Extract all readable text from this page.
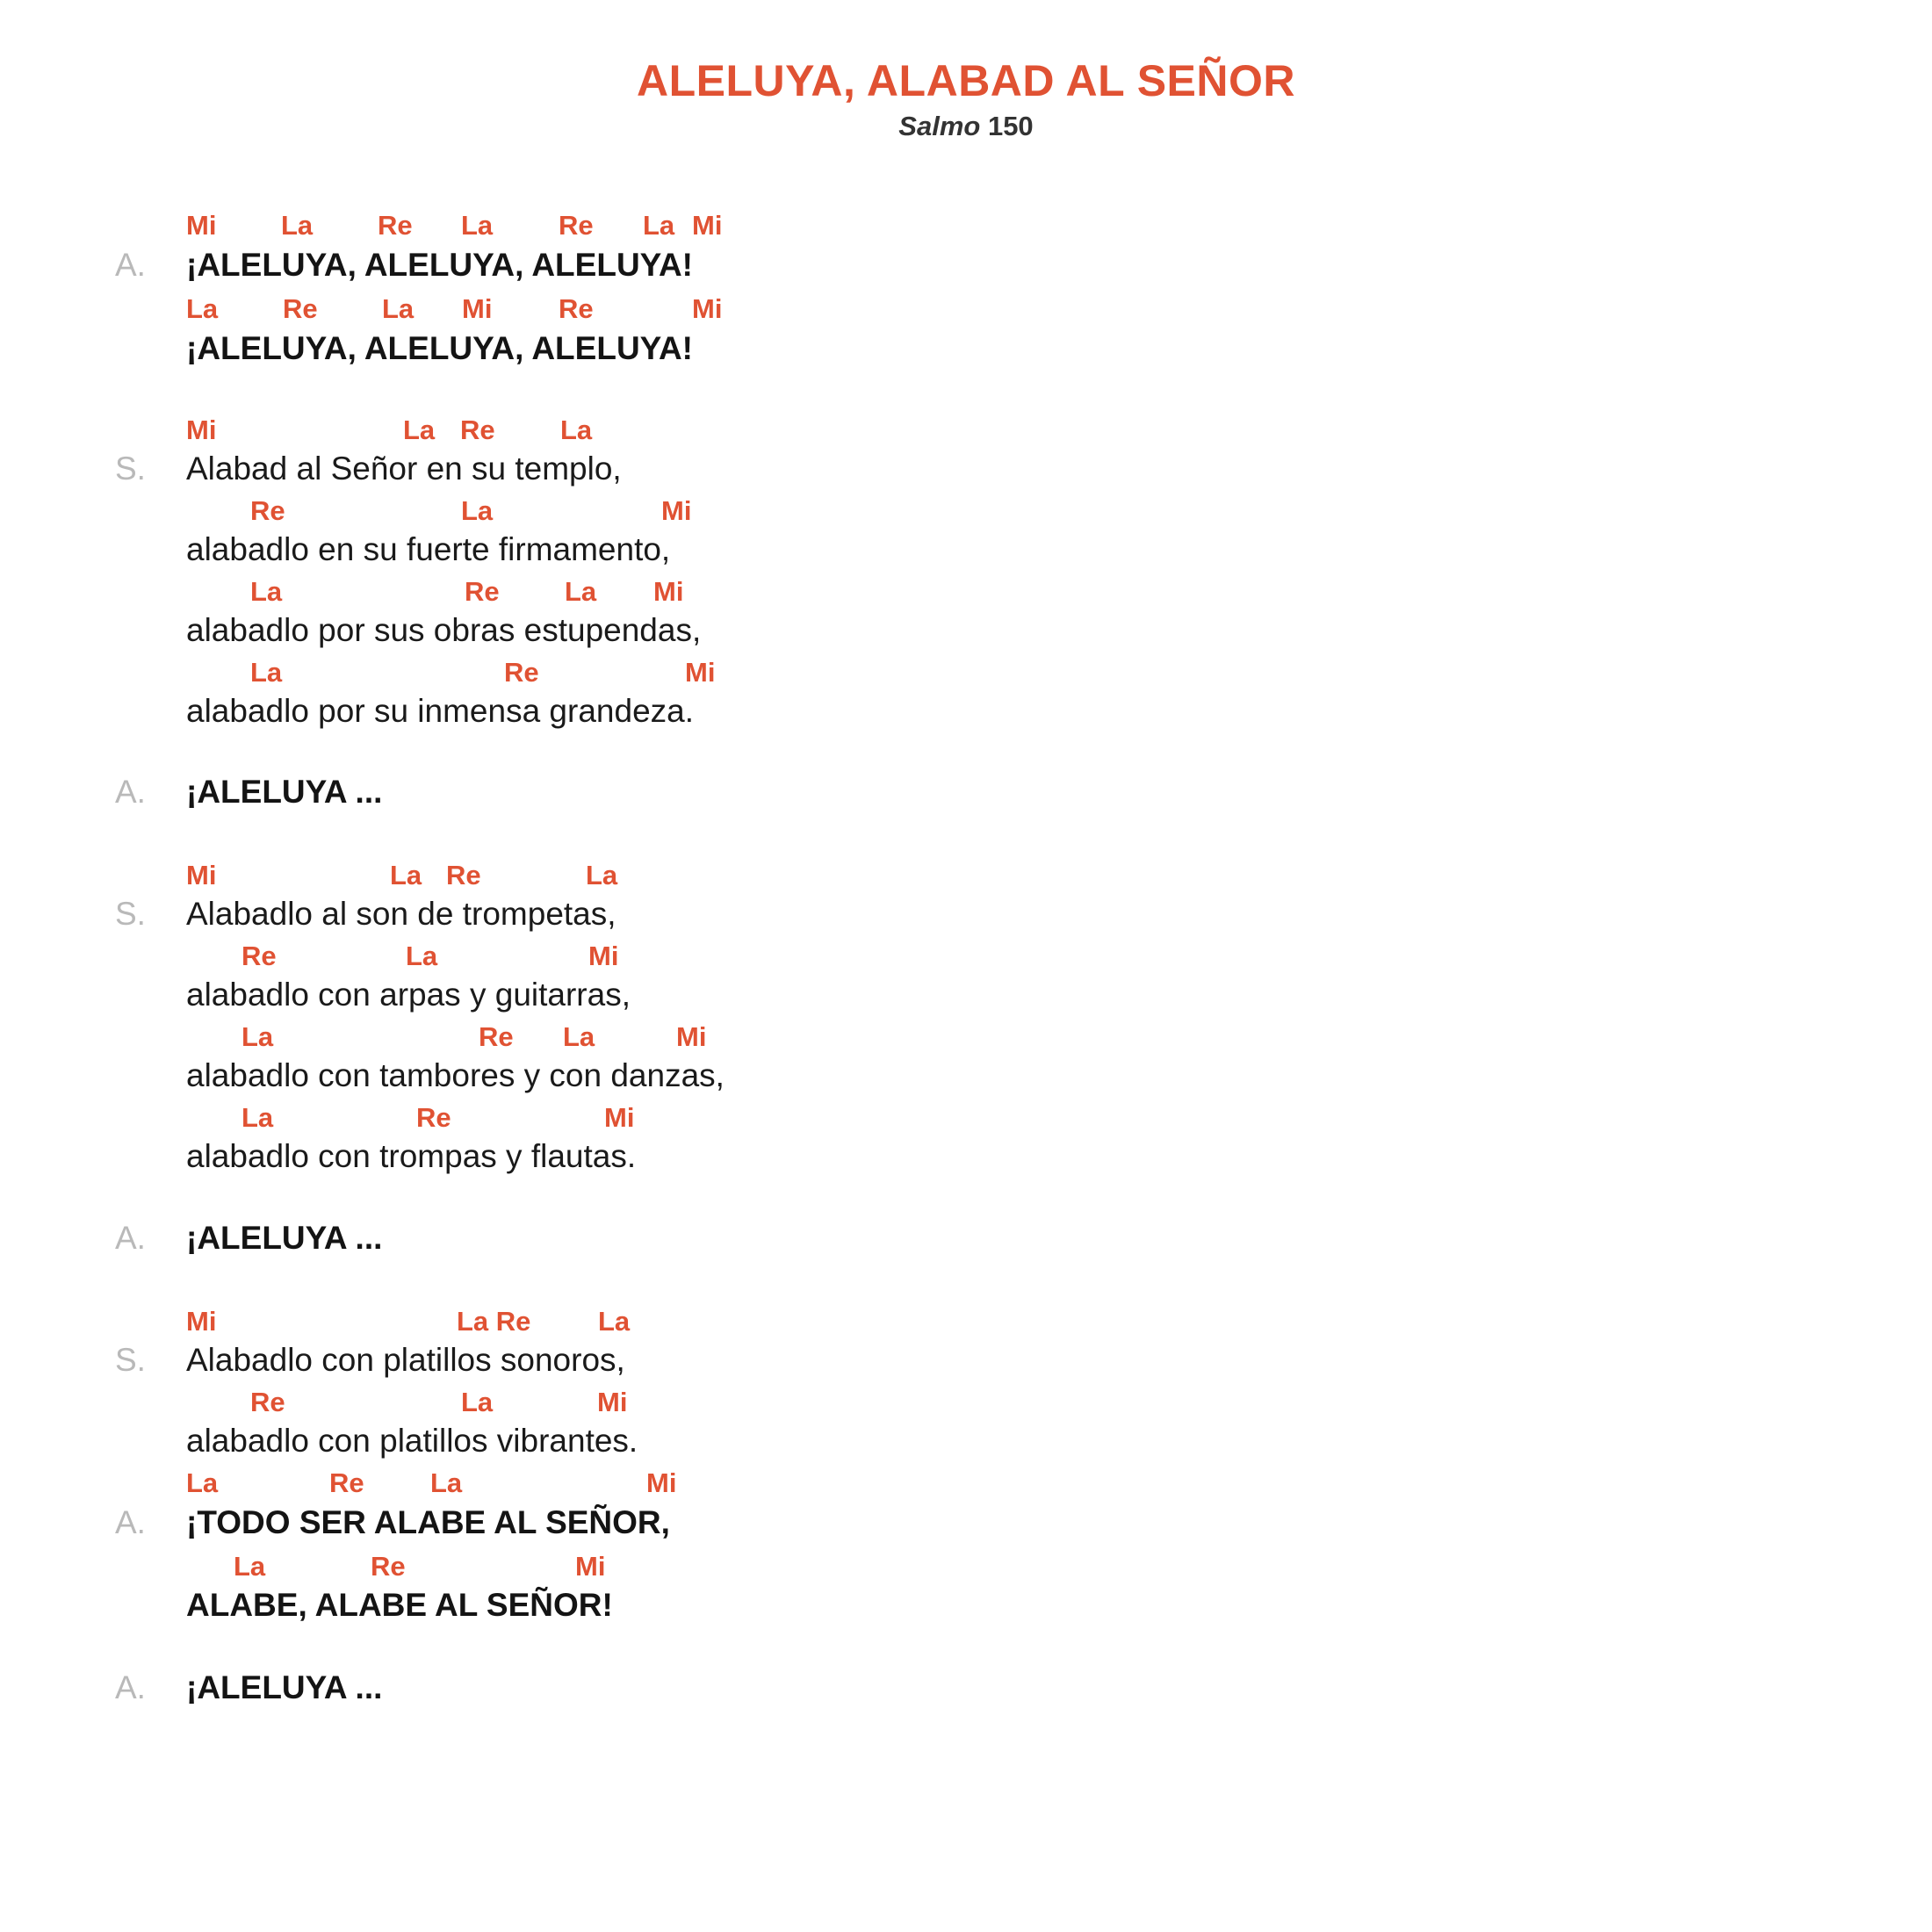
ALELUYA, ALABAD AL SEÑOR
Salmo 150
Mi La Re La Re La Mi
A. ¡ALELUYA, ALELUYA, ALELUYA!
La Re La Mi Re	Mi
¡ALELUYA, ALELUYA, ALELUYA!
Mi	La Re La
S. Alabad al Señor en su templo,
Re	La	Mi
alabadlo en su fuerte firmamento,
La	Re La Mi
alabadlo por sus obras estupendas,
La	Re	Mi
alabadlo por su inmensa grandeza.
A. ¡ALELUYA ...
Mi	La Re	La
S. Alabadlo al son de trompetas,
Re	La	Mi
alabadlo con arpas y guitarras,
La	Re La	Mi
alabadlo con tambores y con danzas,
La	Re	Mi
alabadlo con trompas y flautas.
A. ¡ALELUYA ...
Mi	La Re La
S. Alabadlo con platillos sonoros,
Re	La	Mi
alabadlo con platillos vibrantes.
La	Re La	Mi
A. ¡TODO SER ALABE AL SEÑOR,
La	Re	Mi
ALABE, ALABE AL SEÑOR!
A. ¡ALELUYA ...
